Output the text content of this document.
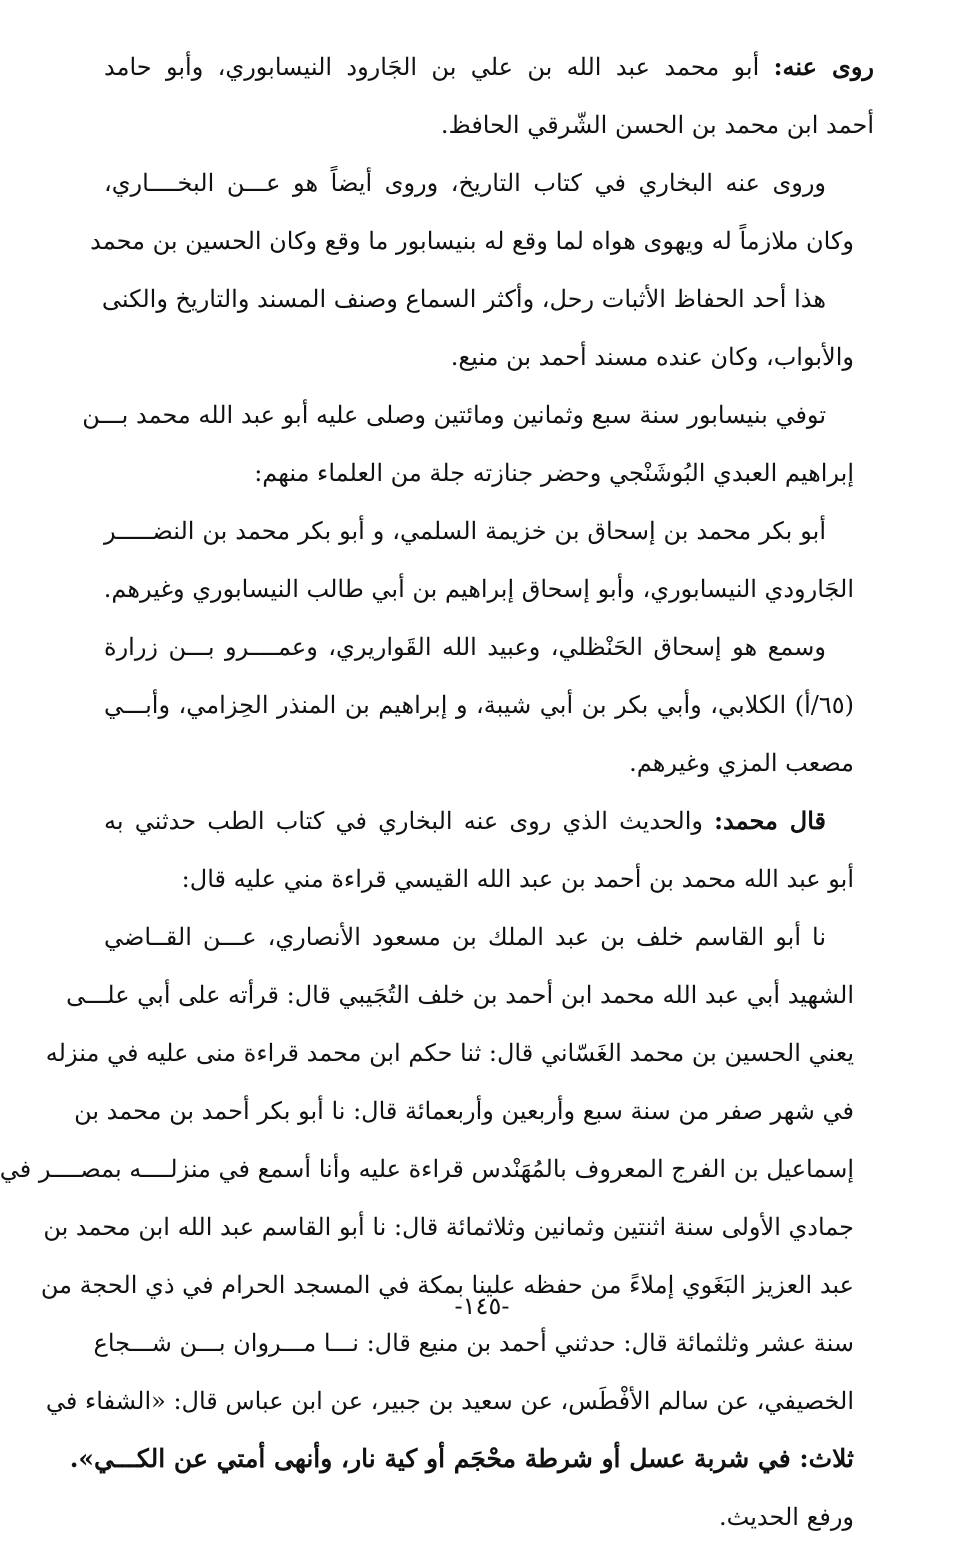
روى عنه: أبو محمد عبد الله بن علي بن الجَارود النيسابوري، وأبو حامد
أحمد ابن محمد بن الحسن الشّرقي الحافظ.
وروى عنه البخاري في كتاب التاريخ، وروى أيضاً هو عـــن البخــــاري،
وكان ملازماً له ويهوى هواه لما وقع له بنيسابور ما وقع وكان الحسين بن محمد
هذا أحد الحفاظ الأثبات رحل، وأكثر السماع وصنف المسند والتاريخ والكنى
والأبواب، وكان عنده مسند أحمد بن منيع.
توفي بنيسابور سنة سبع وثمانين ومائتين وصلى عليه أبو عبد الله محمد بـــن
إبراهيم العبدي البُوشَنْجي وحضر جنازته جلة من العلماء منهم:
أبو بكر محمد بن إسحاق بن خزيمة السلمي، و أبو بكر محمد بن النضـــــر
الجَارودي النيسابوري، وأبو إسحاق إبراهيم بن أبي طالب النيسابوري وغيرهم.
وسمع هو إسحاق الحَنْظلي، وعبيد الله القَواريري، وعمــــرو بـــن زرارة
(٦٥/أ) الكلابي، وأبي بكر بن أبي شيبة، و إبراهيم بن المنذر الحِزامي، وأبـــي
مصعب المزي وغيرهم.
قال محمد: والحديث الذي روى عنه البخاري في كتاب الطب حدثني به
أبو عبد الله محمد بن أحمد بن عبد الله القيسي قراءة مني عليه قال:
نا أبو القاسم خلف بن عبد الملك بن مسعود الأنصاري، عـــن القــاضي
الشهيد أبي عبد الله محمد ابن أحمد بن خلف التُجَيبي قال: قرأته على أبي علـــى
يعني الحسين بن محمد الغَسّاني قال: ثنا حكم ابن محمد قراءة منى عليه في منزله
في شهر صفر من سنة سبع وأربعين وأربعمائة قال: نا أبو بكر أحمد بن محمد بن
إسماعيل بن الفرج المعروف بالمُهَنْدس قراءة عليه وأنا أسمع في منزلــــه بمصــــر في
جمادي الأولى سنة اثنتين وثمانين وثلاثمائة قال: نا أبو القاسم عبد الله ابن محمد بن
عبد العزيز البَغَوي إملاءً من حفظه علينا بمكة في المسجد الحرام في ذي الحجة من
سنة عشر وثلثمائة قال: حدثني أحمد بن منيع قال: نـــا مـــروان بـــن شـــجاع
الخصيفي، عن سالم الأفْطَس، عن سعيد بن جبير، عن ابن عباس قال: «الشفاء في
ثلاث: في شربة عسل أو شرطة محْجَم أو كية نار، وأنهى أمتي عن الكـــي».
ورفع الحديث.
-١٤٥-
